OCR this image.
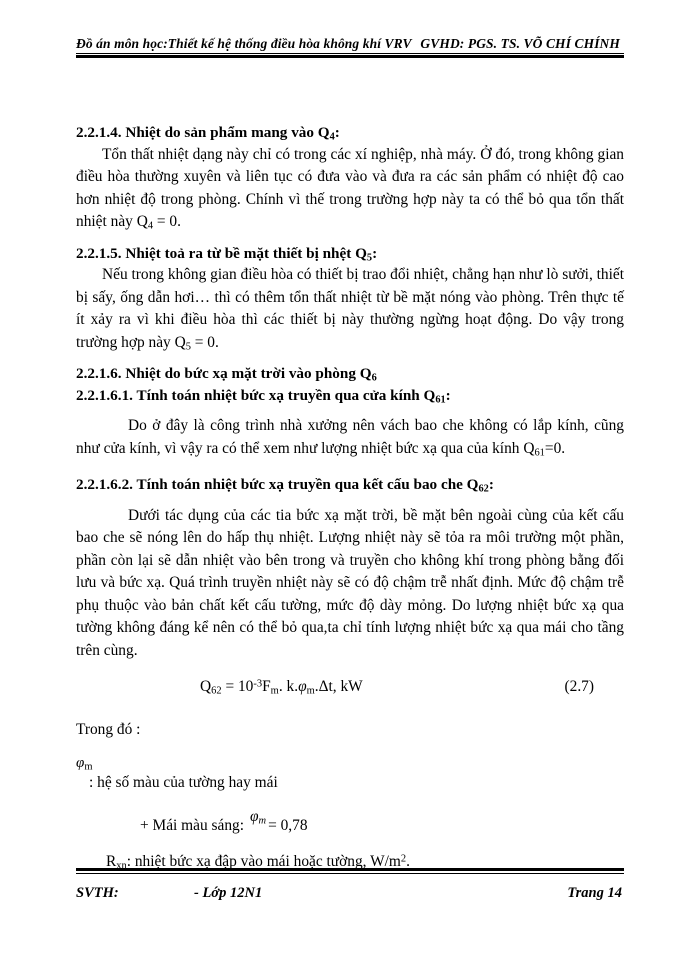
Đồ án môn học:Thiết kế hệ thống điều hòa không khí VRV GVHD: PGS. TS. VÕ CHÍ CHÍNH
2.2.1.4. Nhiệt do sản phẩm mang vào $Q_4$:

Tổn thất nhiệt dạng này chỉ có trong các xí nghiệp, nhà máy. Ở đó, trong không gian điều hòa thường xuyên và liên tục có đưa vào và đưa ra các sản phẩm có nhiệt độ cao hơn nhiệt độ trong phòng. Chính vì thế trong trường hợp này ta có thể bỏ qua tổn thất nhiệt này $Q_4 = 0$.

2.2.1.5. Nhiệt toả ra từ bề mặt thiết bị nhệt $Q_5$:

Nếu trong không gian điều hòa có thiết bị trao đổi nhiệt, chẳng hạn như lò sưởi, thiết bị sấy, ống dẫn hơi… thì có thêm tổn thất nhiệt từ bề mặt nóng vào phòng. Trên thực tế ít xảy ra vì khi điều hòa thì các thiết bị này thường ngừng hoạt động. Do vậy trong trường hợp này $Q_5 = 0$.

2.2.1.6. Nhiệt do bức xạ mặt trời vào phòng $Q_6$
2.2.1.6.1. Tính toán nhiệt bức xạ truyền qua cửa kính $Q_{61}$:

Do ở đây là công trình nhà xưởng nên vách bao che không có lắp kính, cũng như cửa kính, vì vậy ra có thể xem như lượng nhiệt bức xạ qua của kính $Q_{61}=0$.

2.2.1.6.2. Tính toán nhiệt bức xạ truyền qua kết cấu bao che $Q_{62}$:

Dưới tác dụng của các tia bức xạ mặt trời, bề mặt bên ngoài cùng của kết cấu bao che sẽ nóng lên do hấp thụ nhiệt. Lượng nhiệt này sẽ tỏa ra môi trường một phần, phần còn lại sẽ dẫn nhiệt vào bên trong và truyền cho không khí trong phòng bằng đối lưu và bức xạ. Quá trình truyền nhiệt này sẽ có độ chậm trễ nhất định. Mức độ chậm trễ phụ thuộc vào bản chất kết cấu tường, mức độ dày mỏng. Do lượng nhiệt bức xạ qua tường không đáng kể nên có thể bỏ qua,ta chỉ tính lượng nhiệt bức xạ qua mái cho tầng trên cùng.

$Q_{62} = 10^{-3}F_m$. $k.\varphi_m.\Delta t$, kW	(2.7)

Trong đó :

$\varphi_m$

: hệ số màu của tường hay mái

+ Mái màu $sáng:\varphi_m = 0,78$

$R_{xn}$: nhiệt bức xạ đập vào mái hoặc tường, $W/m^2$.

SVTH:	- Lớp 12N1	Trang 14
